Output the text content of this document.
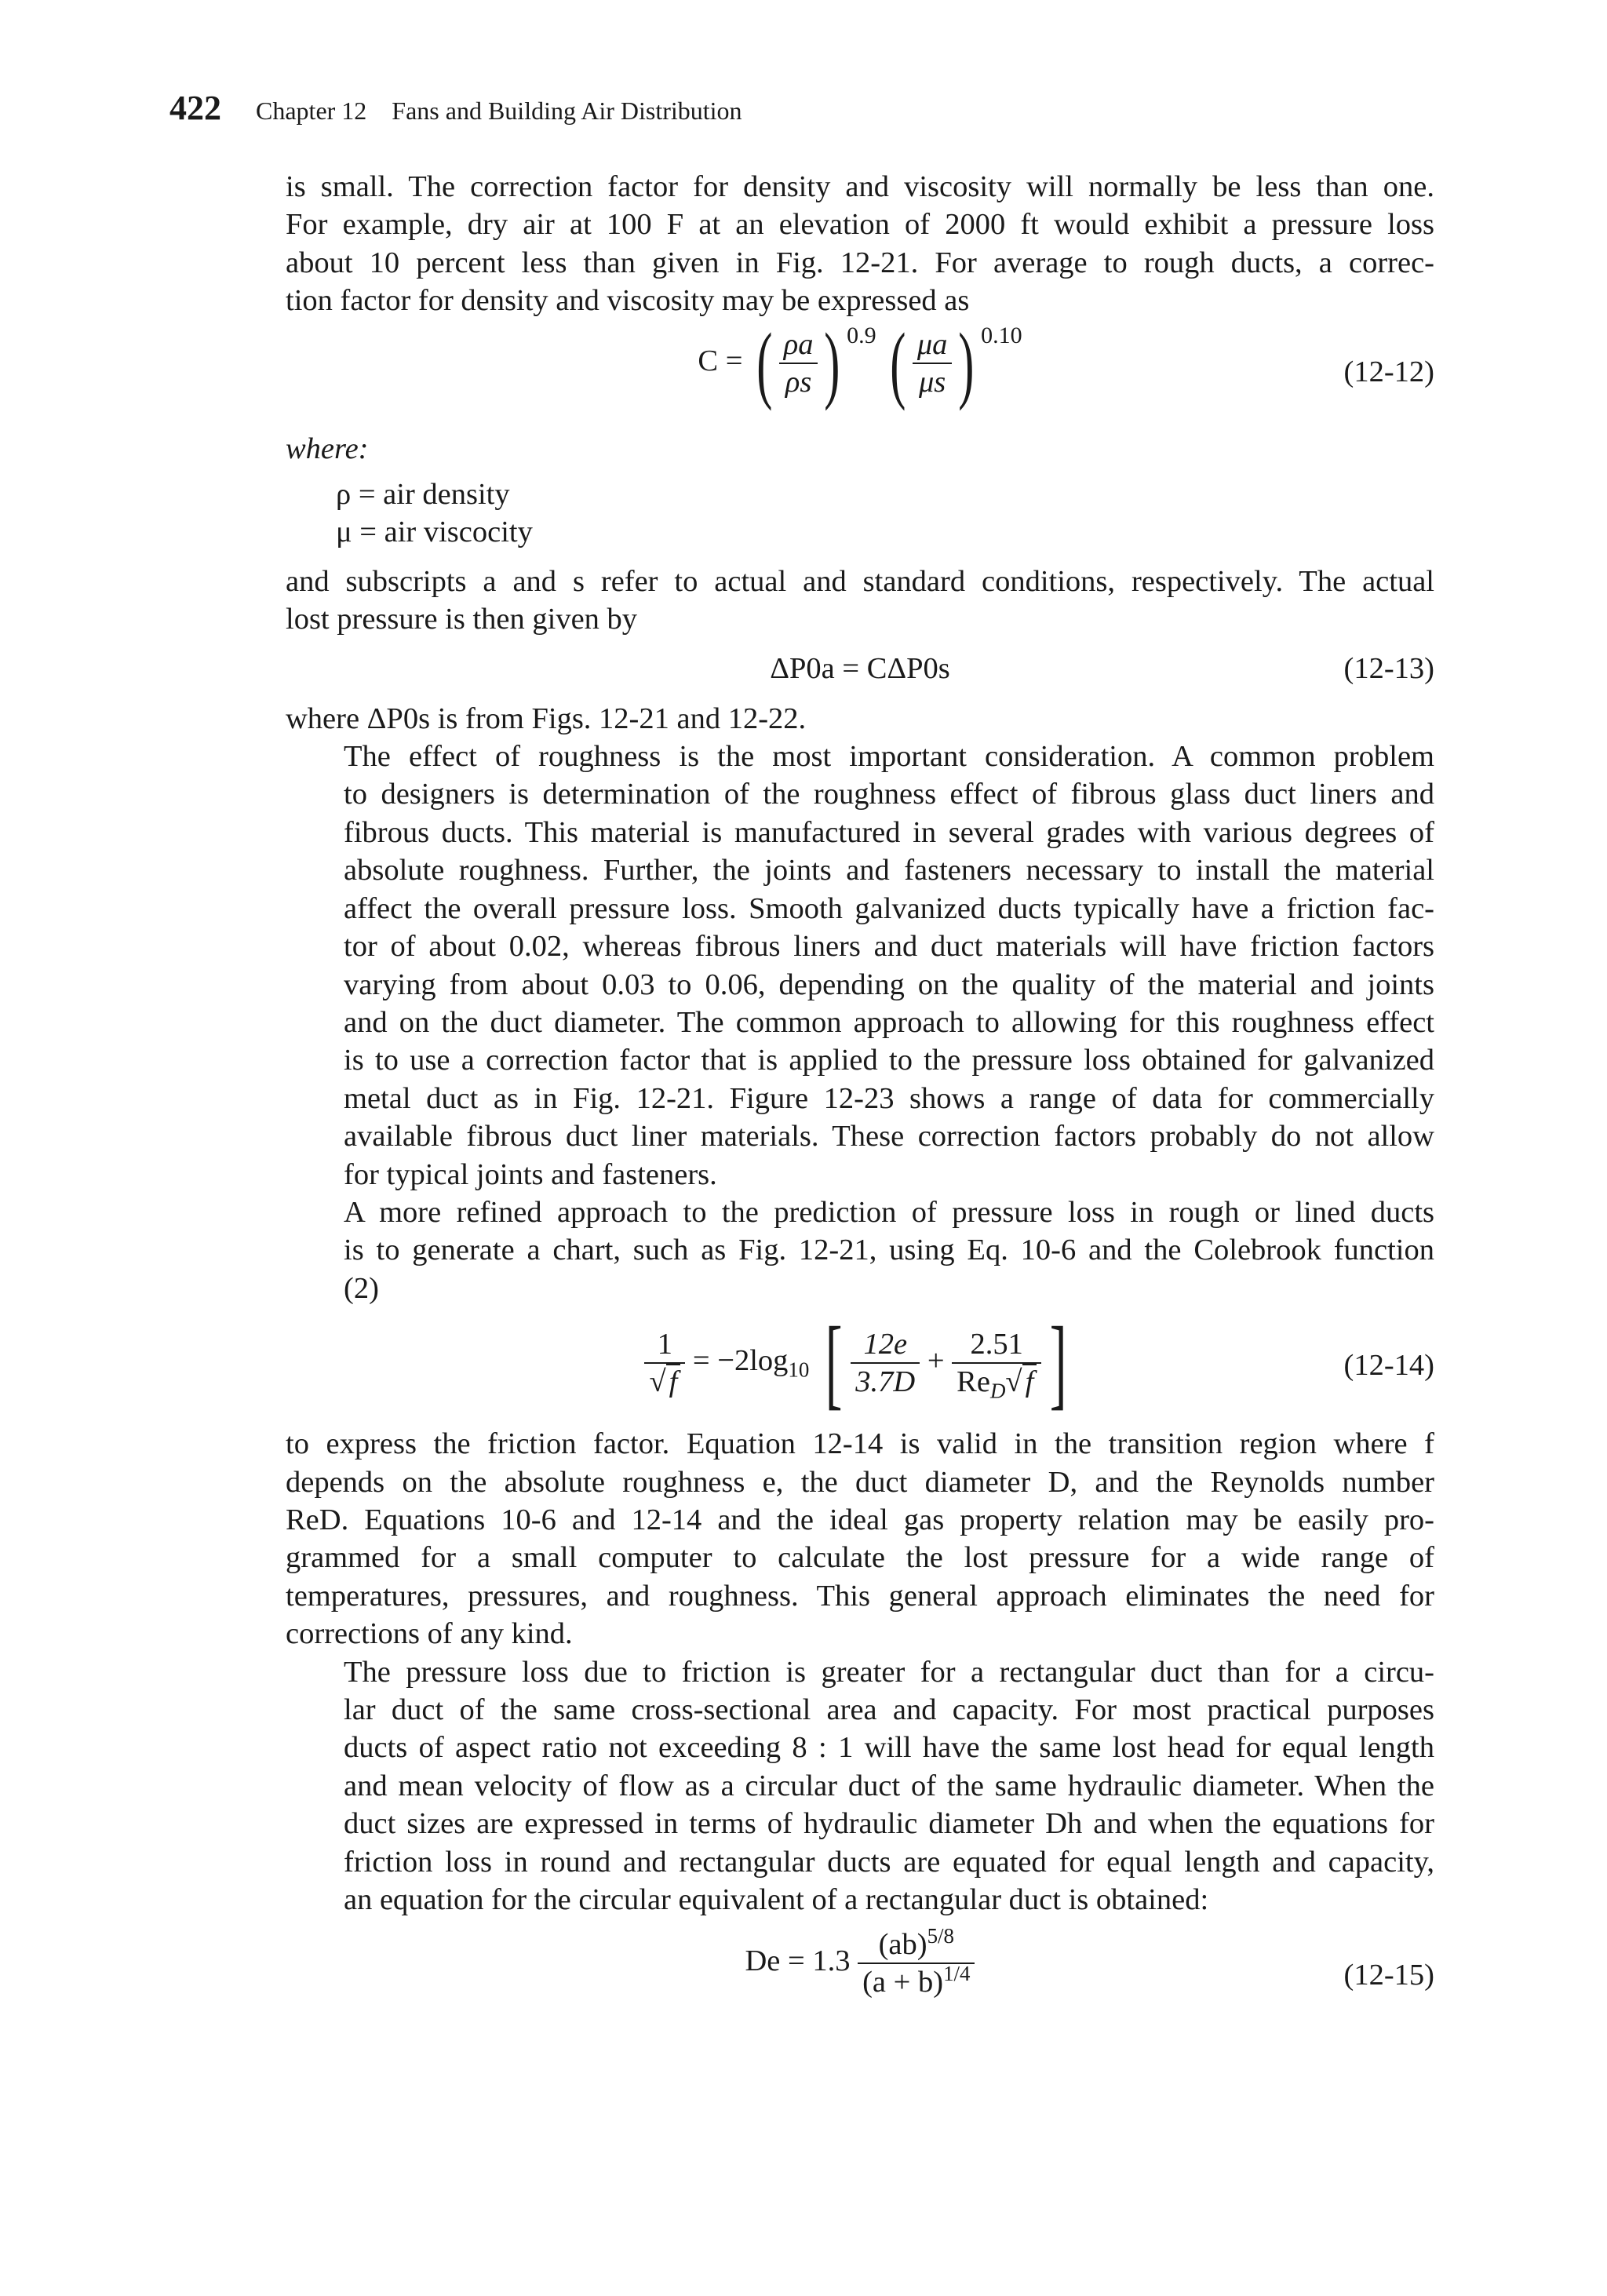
422 Chapter 12 Fans and Building Air Distribution

is small. The correction factor for density and viscosity will normally be less than one.
For example, dry air at 100 F at an elevation of 2000 ft would exhibit a pressure loss
about 10 percent less than given in Fig. 12-21. For average to rough ducts, a correc-
tion factor for density and viscosity may be expressed as

C = ( $\frac{\rho a}{\rho s}$ ) 0.9 ( $\frac{\mu a}{\mu s}$ ) 0.10
(12-12)

where:

ρ = air density
μ = air viscocity

and subscripts a and s refer to actual and standard conditions, respectively. The actual
lost pressure is then given by

ΔP0a = CΔP0s	(12-13)

where ΔP0s is from Figs. 12-21 and 12-22.

The effect of roughness is the most important consideration. A common problem
to designers is determination of the roughness effect of fibrous glass duct liners and
fibrous ducts. This material is manufactured in several grades with various degrees of
absolute roughness. Further, the joints and fasteners necessary to install the material
affect the overall pressure loss. Smooth galvanized ducts typically have a friction fac-
tor of about 0.02, whereas fibrous liners and duct materials will have friction factors
varying from about 0.03 to 0.06, depending on the quality of the material and joints
and on the duct diameter. The common approach to allowing for this roughness effect
is to use a correction factor that is applied to the pressure loss obtained for galvanized
metal duct as in Fig. 12-21. Figure 12-23 shows a range of data for commercially
available fibrous duct liner materials. These correction factors probably do not allow
for typical joints and fasteners.

A more refined approach to the prediction of pressure loss in rough or lined ducts
is to generate a chart, such as Fig. 12-21, using Eq. 10-6 and the Colebrook function
(2)

$\frac{1}{√ f} = -2\log_{10}$ [ $\frac{12e}{3.7D} + \frac{2.51}{Re_D√ f}$ ]	(12-14)

to express the friction factor. Equation 12-14 is valid in the transition region where f
depends on the absolute roughness e, the duct diameter D, and the Reynolds number
ReD. Equations 10-6 and 12-14 and the ideal gas property relation may be easily pro-
grammed for a small computer to calculate the lost pressure for a wide range of
temperatures, pressures, and roughness. This general approach eliminates the need for
corrections of any kind.

The pressure loss due to friction is greater for a rectangular duct than for a circu-
lar duct of the same cross-sectional area and capacity. For most practical purposes
ducts of aspect ratio not exceeding 8 : 1 will have the same lost head for equal length
and mean velocity of flow as a circular duct of the same hydraulic diameter. When the
duct sizes are expressed in terms of hydraulic diameter Dh and when the equations for
friction loss in round and rectangular ducts are equated for equal length and capacity,
an equation for the circular equivalent of a rectangular duct is obtained:

$De = 1.3 \frac{(ab)^{5/8}}{(a + b)^{1/4}}$	(12-15)
